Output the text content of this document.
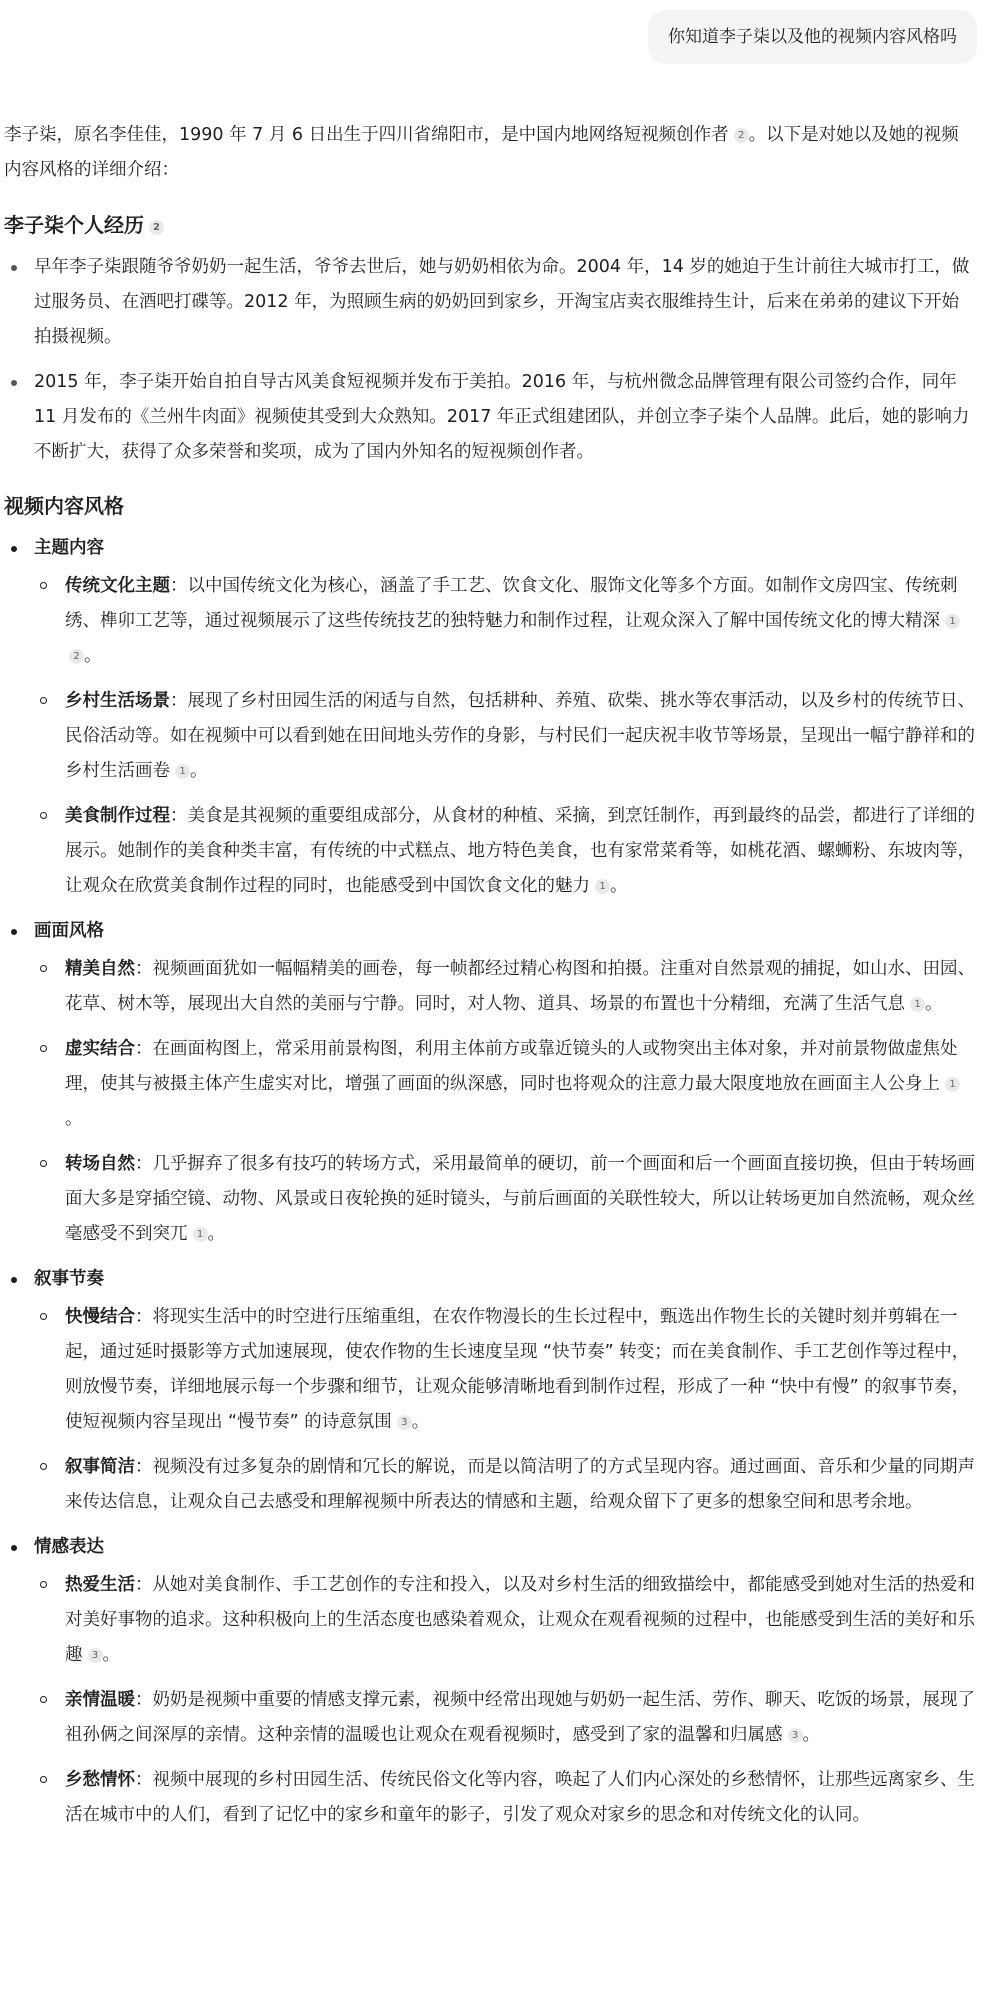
你知道李子柒以及他的视频内容风格吗

李子柒，原名李佳佳，1990 年 7 月 6 日出生于四川省绵阳市，是中国内地网络短视频创作者 2 。以下是对她以及她的视频内容风格的详细介绍：

李子柒个人经历 2
早年李子柒跟随爷爷奶奶一起生活，爷爷去世后，她与奶奶相依为命。2004 年，14 岁的她迫于生计前往大城市打工，做过服务员、在酒吧打碟等。2012 年，为照顾生病的奶奶回到家乡，开淘宝店卖衣服维持生计，后来在弟弟的建议下开始拍摄视频。
2015 年，李子柒开始自拍自导古风美食短视频并发布于美拍。2016 年，与杭州微念品牌管理有限公司签约合作，同年 11 月发布的《兰州牛肉面》视频使其受到大众熟知。2017 年正式组建团队，并创立李子柒个人品牌。此后，她的影响力不断扩大，获得了众多荣誉和奖项，成为了国内外知名的短视频创作者。
视频内容风格
主题内容
传统文化主题：以中国传统文化为核心，涵盖了手工艺、饮食文化、服饰文化等多个方面。如制作文房四宝、传统刺绣、榫卯工艺等，通过视频展示了这些传统技艺的独特魅力和制作过程，让观众深入了解中国传统文化的博大精深 12 。
乡村生活场景：展现了乡村田园生活的闲适与自然，包括耕种、养殖、砍柴、挑水等农事活动，以及乡村的传统节日、民俗活动等。如在视频中可以看到她在田间地头劳作的身影，与村民们一起庆祝丰收节等场景，呈现出一幅宁静祥和的乡村生活画卷 1 。
美食制作过程：美食是其视频的重要组成部分，从食材的种植、采摘，到烹饪制作，再到最终的品尝，都进行了详细的展示。她制作的美食种类丰富，有传统的中式糕点、地方特色美食，也有家常菜肴等，如桃花酒、螺蛳粉、东坡肉等，让观众在欣赏美食制作过程的同时，也能感受到中国饮食文化的魅力 1 。
画面风格
精美自然：视频画面犹如一幅幅精美的画卷，每一帧都经过精心构图和拍摄。注重对自然景观的捕捉，如山水、田园、花草、树木等，展现出大自然的美丽与宁静。同时，对人物、道具、场景的布置也十分精细，充满了生活气息 1 。
虚实结合：在画面构图上，常采用前景构图，利用主体前方或靠近镜头的人或物突出主体对象，并对前景物做虚焦处理，使其与被摄主体产生虚实对比，增强了画面的纵深感，同时也将观众的注意力最大限度地放在画面主人公身上 1。
转场自然：几乎摒弃了很多有技巧的转场方式，采用最简单的硬切，前一个画面和后一个画面直接切换，但由于转场画面大多是穿插空镜、动物、风景或日夜轮换的延时镜头，与前后画面的关联性较大，所以让转场更加自然流畅，观众丝毫感受不到突兀 1 。
叙事节奏
快慢结合：将现实生活中的时空进行压缩重组，在农作物漫长的生长过程中，甄选出作物生长的关键时刻并剪辑在一起，通过延时摄影等方式加速展现，使农作物的生长速度呈现 “快节奏” 转变；而在美食制作、手工艺创作等过程中，则放慢节奏，详细地展示每一个步骤和细节，让观众能够清晰地看到制作过程，形成了一种 “快中有慢” 的叙事节奏，使短视频内容呈现出 “慢节奏” 的诗意氛围 3 。
叙事简洁：视频没有过多复杂的剧情和冗长的解说，而是以简洁明了的方式呈现内容。通过画面、音乐和少量的同期声来传达信息，让观众自己去感受和理解视频中所表达的情感和主题，给观众留下了更多的想象空间和思考余地。
情感表达
热爱生活：从她对美食制作、手工艺创作的专注和投入，以及对乡村生活的细致描绘中，都能感受到她对生活的热爱和对美好事物的追求。这种积极向上的生活态度也感染着观众，让观众在观看视频的过程中，也能感受到生活的美好和乐趣 3 。
亲情温暖：奶奶是视频中重要的情感支撑元素，视频中经常出现她与奶奶一起生活、劳作、聊天、吃饭的场景，展现了祖孙俩之间深厚的亲情。这种亲情的温暖也让观众在观看视频时，感受到了家的温馨和归属感 3 。
乡愁情怀：视频中展现的乡村田园生活、传统民俗文化等内容，唤起了人们内心深处的乡愁情怀，让那些远离家乡、生活在城市中的人们，看到了记忆中的家乡和童年的影子，引发了观众对家乡的思念和对传统文化的认同。
